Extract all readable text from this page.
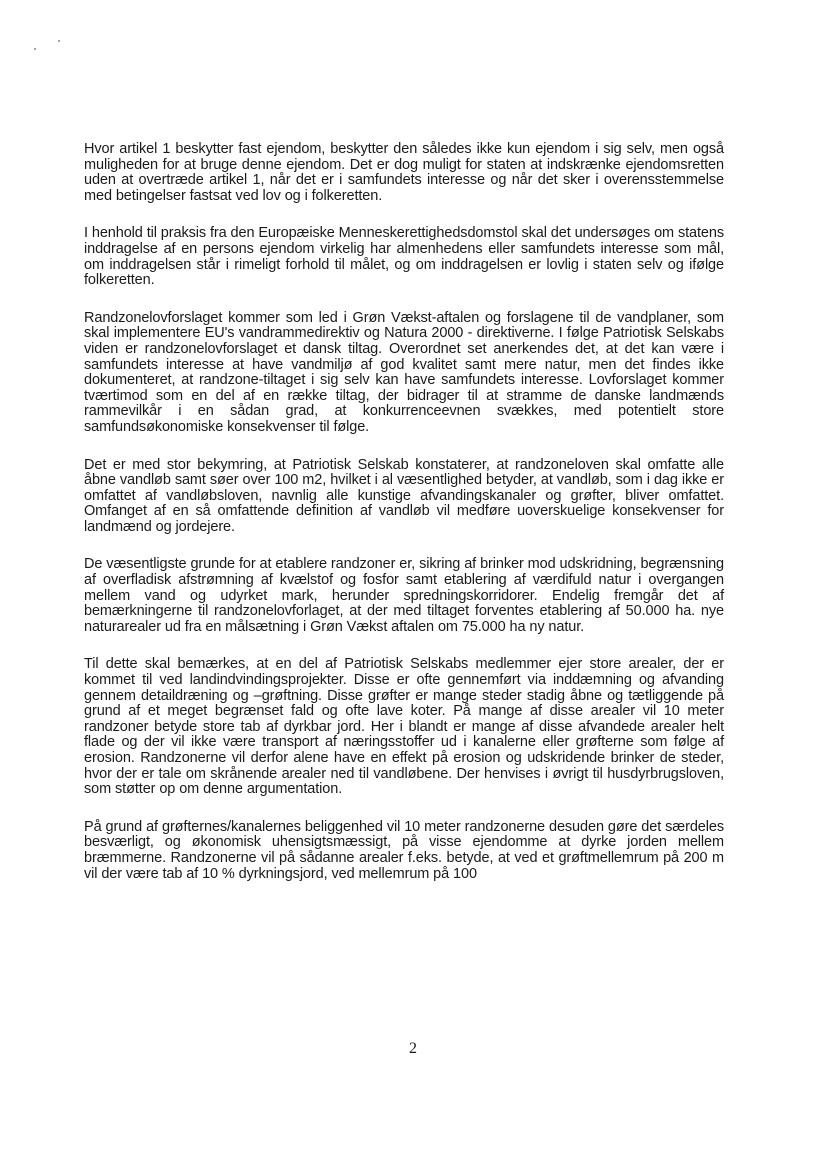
Hvor artikel 1 beskytter fast ejendom, beskytter den således ikke kun ejendom i sig selv, men også muligheden for at bruge denne ejendom. Det er dog muligt for staten at indskrænke ejendomsretten uden at overtræde artikel 1, når det er i samfundets interesse og når det sker i overensstemmelse med betingelser fastsat ved lov og i folkeretten.

I henhold til praksis fra den Europæiske Menneskerettighedsdomstol skal det undersøges om statens inddragelse af en persons ejendom virkelig har almenhedens eller samfundets interesse som mål, om inddragelsen står i rimeligt forhold til målet, og om inddragelsen er lovlig i staten selv og ifølge folkeretten.

Randzonelovforslaget kommer som led i Grøn Vækst-aftalen og forslagene til de vandplaner, som skal implementere EU's vandrammedirektiv og Natura 2000 - direktiverne. I følge Patriotisk Selskabs viden er randzonelovforslaget et dansk tiltag. Overordnet set anerkendes det, at det kan være i samfundets interesse at have vandmiljø af god kvalitet samt mere natur, men det findes ikke dokumenteret, at randzone-tiltaget i sig selv kan have samfundets interesse. Lovforslaget kommer tværtimod som en del af en række tiltag, der bidrager til at stramme de danske landmænds rammevilkår i en sådan grad, at konkurrenceevnen svækkes, med potentielt store samfundsøkonomiske konsekvenser til følge.

Det er med stor bekymring, at Patriotisk Selskab konstaterer, at randzoneloven skal omfatte alle åbne vandløb samt søer over 100 m2, hvilket i al væsentlighed betyder, at vandløb, som i dag ikke er omfattet af vandløbsloven, navnlig alle kunstige afvandingskanaler og grøfter, bliver omfattet. Omfanget af en så omfattende definition af vandløb vil medføre uoverskuelige konsekvenser for landmænd og jordejere.

De væsentligste grunde for at etablere randzoner er, sikring af brinker mod udskridning, begrænsning af overfladisk afstrømning af kvælstof og fosfor samt etablering af værdifuld natur i overgangen mellem vand og udyrket mark, herunder spredningskorridorer. Endelig fremgår det af bemærkningerne til randzonelovforlaget, at der med tiltaget forventes etablering af 50.000 ha. nye naturarealer ud fra en målsætning i Grøn Vækst aftalen om 75.000 ha ny natur.

Til dette skal bemærkes, at en del af Patriotisk Selskabs medlemmer ejer store arealer, der er kommet til ved landindvindingsprojekter. Disse er ofte gennemført via inddæmning og afvanding gennem detaildræning og –grøftning. Disse grøfter er mange steder stadig åbne og tætliggende på grund af et meget begrænset fald og ofte lave koter. På mange af disse arealer vil 10 meter randzoner betyde store tab af dyrkbar jord. Her i blandt er mange af disse afvandede arealer helt flade og der vil ikke være transport af næringsstoffer ud i kanalerne eller grøfterne som følge af erosion. Randzonerne vil derfor alene have en effekt på erosion og udskridende brinker de steder, hvor der er tale om skrånende arealer ned til vandløbene. Der henvises i øvrigt til husdyrbrugsloven, som støtter op om denne argumentation.

På grund af grøfternes/kanalernes beliggenhed vil 10 meter randzonerne desuden gøre det særdeles besværligt, og økonomisk uhensigtsmæssigt, på visse ejendomme at dyrke jorden mellem bræmmerne. Randzonerne vil på sådanne arealer f.eks. betyde, at ved et grøftmellemrum på 200 m vil der være tab af 10 % dyrkningsjord, ved mellemrum på 100

2
